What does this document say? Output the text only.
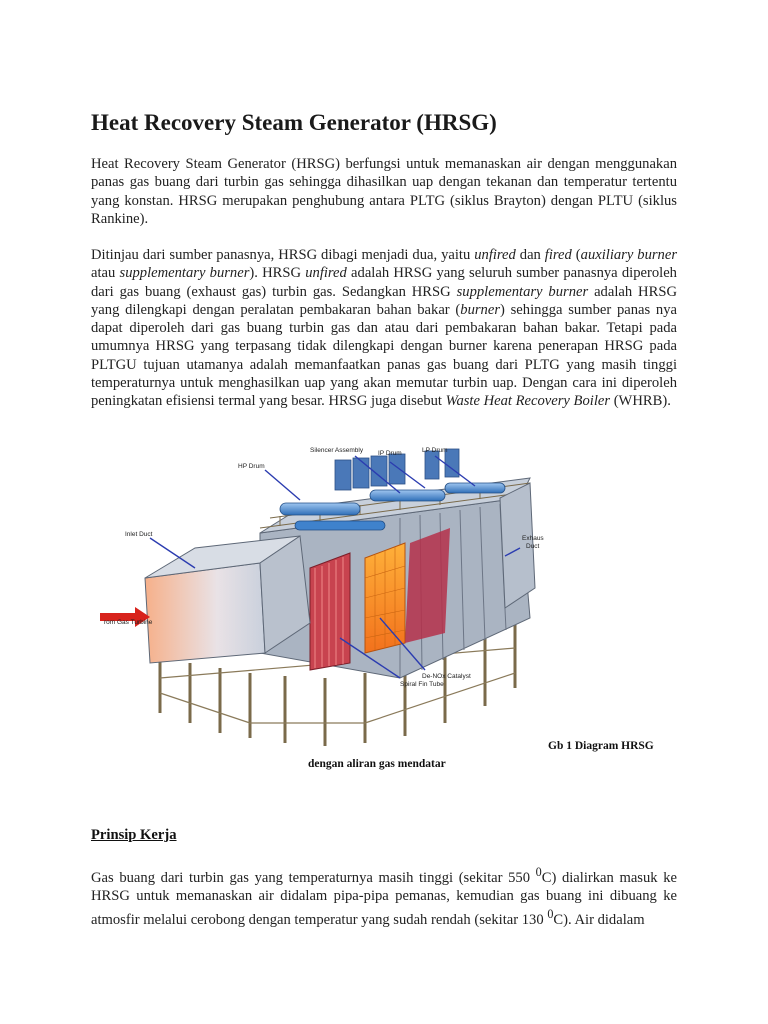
Heat Recovery Steam Generator (HRSG)

Heat Recovery Steam Generator (HRSG) berfungsi untuk memanaskan air dengan menggunakan panas gas buang dari turbin gas sehingga dihasilkan uap dengan tekanan dan temperatur tertentu yang konstan. HRSG merupakan penghubung antara PLTG (siklus Brayton) dengan PLTU (siklus Rankine).

Ditinjau dari sumber panasnya, HRSG dibagi menjadi dua, yaitu unfired dan fired (auxiliary burner atau supplementary burner). HRSG unfired adalah HRSG yang seluruh sumber panasnya diperoleh dari gas buang (exhaust gas) turbin gas. Sedangkan HRSG supplementary burner adalah HRSG yang dilengkapi dengan peralatan pembakaran bahan bakar (burner) sehingga sumber panas nya dapat diperoleh dari gas buang turbin gas dan atau dari pembakaran bahan bakar. Tetapi pada umumnya HRSG yang terpasang tidak dilengkapi dengan burner karena penerapan HRSG pada PLTGU tujuan utamanya adalah memanfaatkan panas gas buang dari PLTG yang masih tinggi temperaturnya untuk menghasilkan uap yang akan memutar turbin uap. Dengan cara ini diperoleh peningkatan efisiensi termal yang besar. HRSG juga disebut Waste Heat Recovery Boiler (WHRB).

Silencer Assembly IP Drum	LP Drum
HP Drum
Inlet Duct
Exhaus
Duct
rom Gas Turbine
De-NOx Catalyst
Spiral Fin Tube
Gb 1 Diagram HRSG
dengan aliran gas mendatar
Prinsip Kerja

Gas buang dari turbin gas yang temperaturnya masih tinggi (sekitar 550 $^0$C) dialirkan masuk ke HRSG untuk memanaskan air didalam pipa-pipa pemanas, kemudian gas buang ini dibuang ke atmosfir melalui cerobong dengan temperatur yang sudah rendah (sekitar 130 $^0$C). Air didalam
